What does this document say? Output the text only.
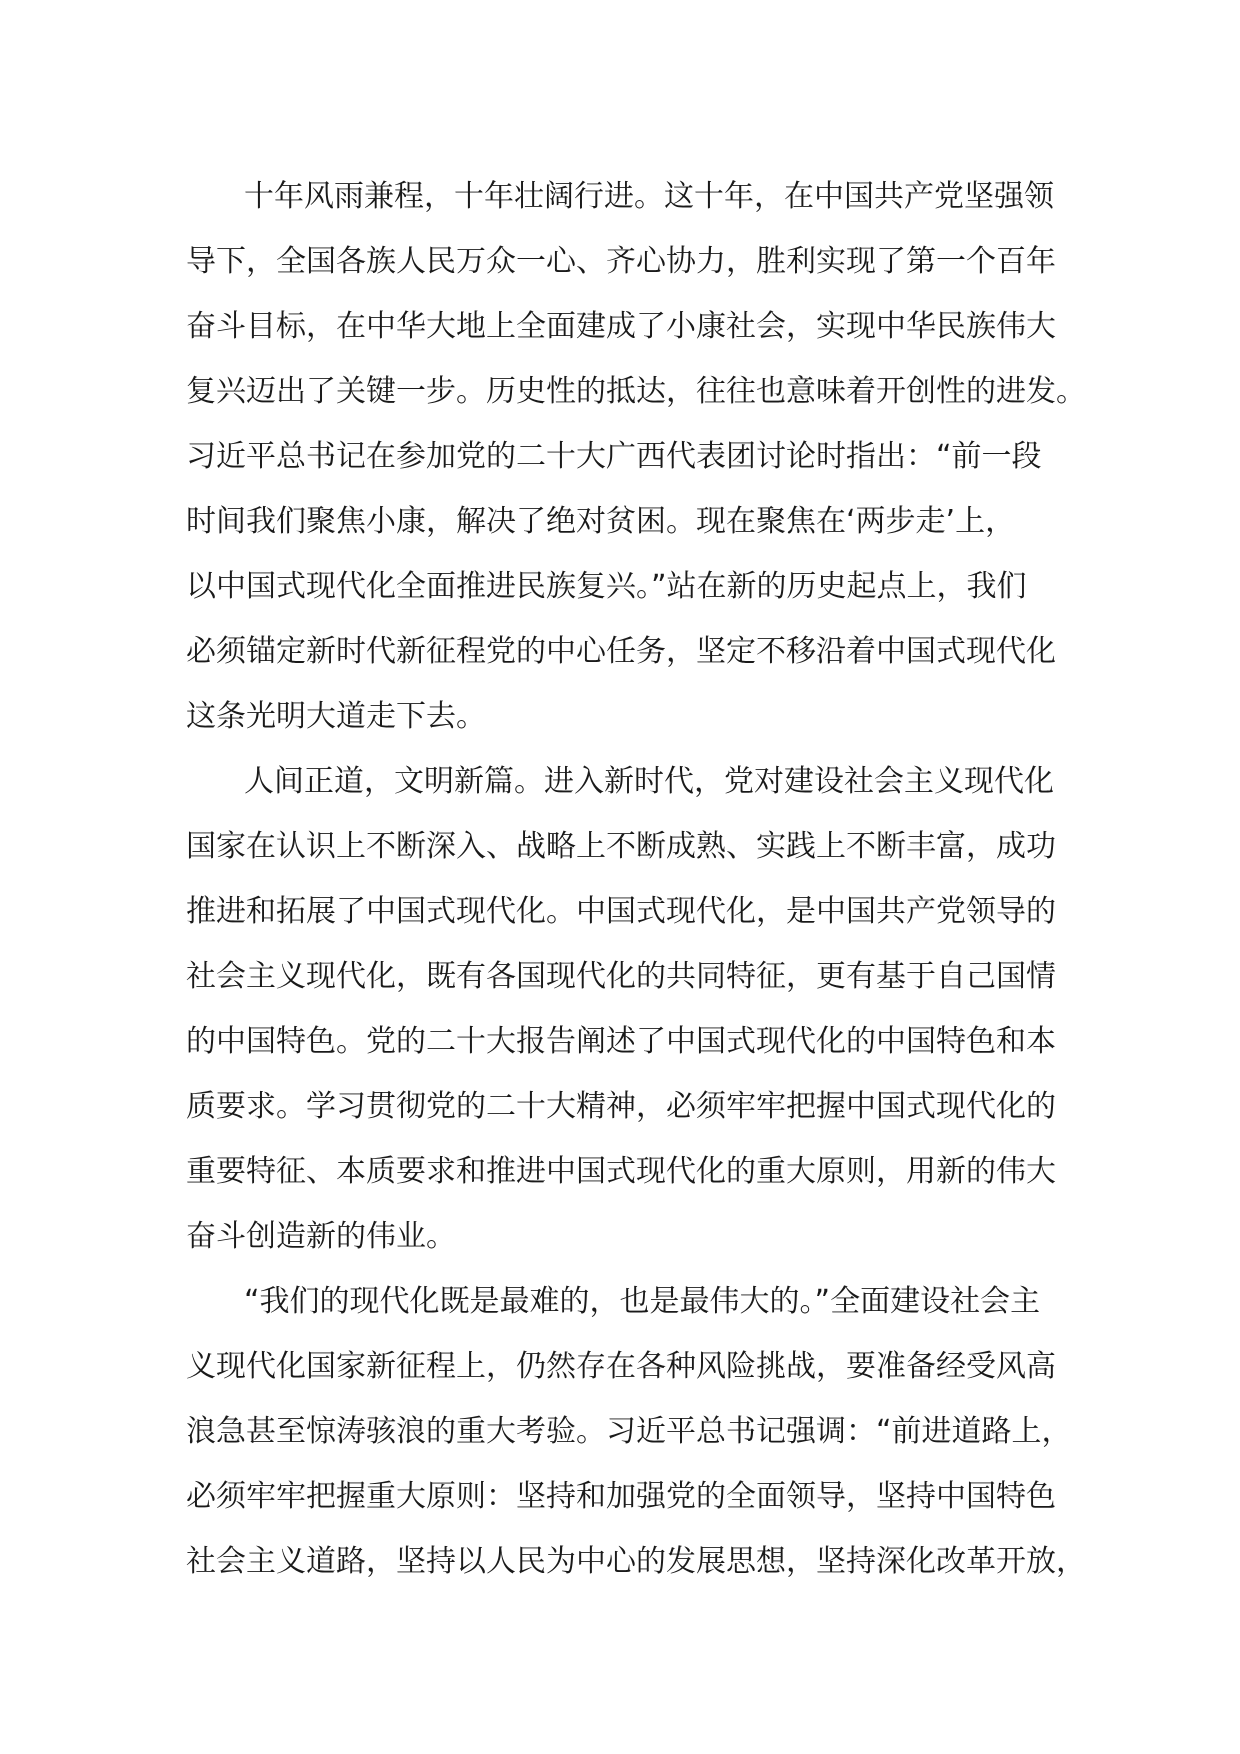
十年风雨兼程，十年壮阔行进。这十年，在中国共产党坚强领
导下，全国各族人民万众一心、齐心协力，胜利实现了第一个百年
奋斗目标，在中华大地上全面建成了小康社会，实现中华民族伟大
复兴迈出了关键一步。历史性的抵达，往往也意味着开创性的进发。
习近平总书记在参加党的二十大广西代表团讨论时指出：“前一段
时间我们聚焦小康，解决了绝对贫困。现在聚焦在‘两步走’上，
以中国式现代化全面推进民族复兴。”站在新的历史起点上，我们
必须锚定新时代新征程党的中心任务，坚定不移沿着中国式现代化
这条光明大道走下去。
人间正道，文明新篇。进入新时代，党对建设社会主义现代化
国家在认识上不断深入、战略上不断成熟、实践上不断丰富，成功
推进和拓展了中国式现代化。中国式现代化，是中国共产党领导的
社会主义现代化，既有各国现代化的共同特征，更有基于自己国情
的中国特色。党的二十大报告阐述了中国式现代化的中国特色和本
质要求。学习贯彻党的二十大精神，必须牢牢把握中国式现代化的
重要特征、本质要求和推进中国式现代化的重大原则，用新的伟大
奋斗创造新的伟业。
“我们的现代化既是最难的，也是最伟大的。”全面建设社会主
义现代化国家新征程上，仍然存在各种风险挑战，要准备经受风高
浪急甚至惊涛骇浪的重大考验。习近平总书记强调：“前进道路上，
必须牢牢把握重大原则：坚持和加强党的全面领导，坚持中国特色
社会主义道路，坚持以人民为中心的发展思想，坚持深化改革开放，
